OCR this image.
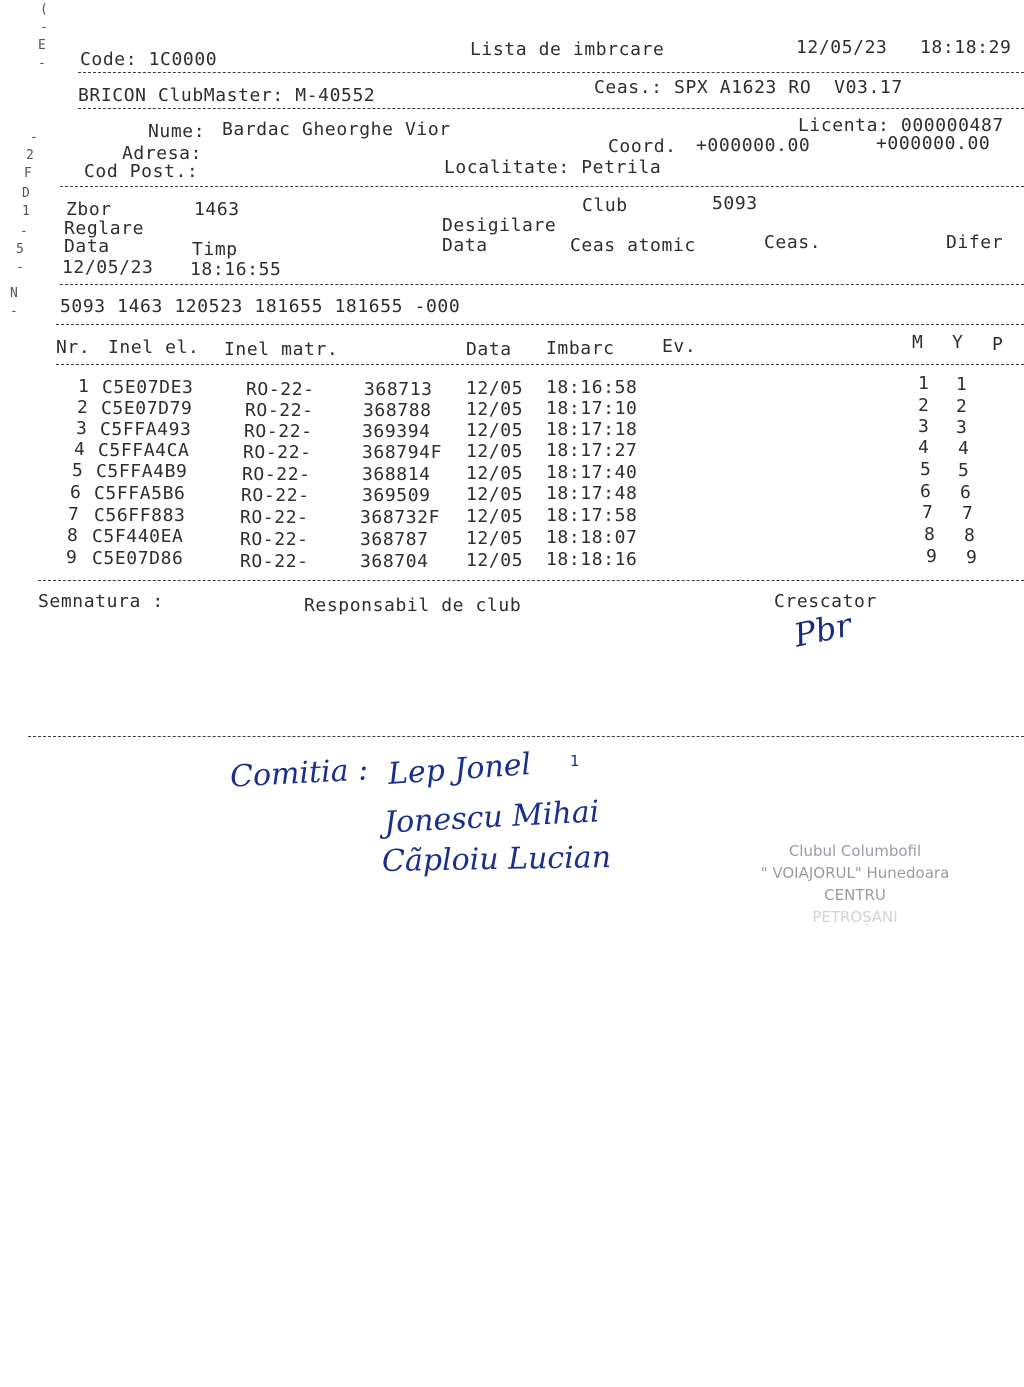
(
-
E
-
-
2
F
D
1
-
5
-
N
-
Code: 1C0000	Lista de imbrcare	12/05/23 18:18:29
BRICON ClubMaster: M-40552	Ceas.: SPX A1623 RO  V03.17
Nume: Bardac Gheorghe Vior	Licenta: 000000487
Adresa:	Coord. +000000.00	+000000.00
Cod Post.:	Localitate: Petrila
Zbor	1463	Club	5093
Reglare	Desigilare
Data	Timp	Data	Ceas atomic	Ceas.	Difer
12/05/23 18:16:55
5093 1463 120523 181655 181655 -000
Nr. Inel el. Inel matr.	Data Imbarc	Ev.	M Y P
1 C5E07DE3	RO-22-	368713 12/05 18:16:58	1 1
2 C5E07D79	RO-22-	368788 12/05 18:17:10	2 2
3 C5FFA493	RO-22-	369394 12/05 18:17:18	3 3
4 C5FFA4CA	RO-22-	368794F 12/05 18:17:27	4 4
5 C5FFA4B9	RO-22-	368814 12/05 18:17:40	5 5
6 C5FFA5B6	RO-22-	369509 12/05 18:17:48	6 6
7 C56FF883	RO-22-	368732F 12/05 18:17:58	7 7
8 C5F440EA	RO-22-	368787 12/05 18:18:07	8 8
9 C5E07D86	RO-22-	368704 12/05 18:18:16	9 9
Semnatura :	Responsabil de club	Crescator
Pbr
Comitia : Lep Jonel	1
Jonescu Mihai
Cãploiu Lucian	Clubul Columbofil
" VOIAJORUL" Hunedoara
CENTRU
PETROȘANI
